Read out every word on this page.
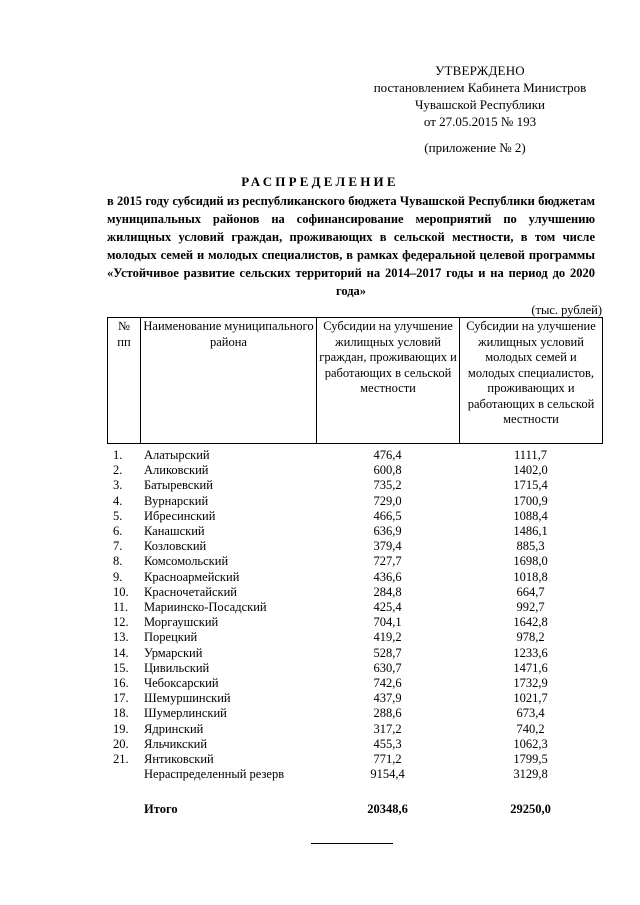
УТВЕРЖДЕНО
постановлением Кабинета Министров
Чувашской Республики
от 27.05.2015 № 193
(приложение № 2)
РАСПРЕДЕЛЕНИЕ
в 2015 году субсидий из республиканского бюджета Чувашской Республики бюджетам муниципальных районов на софинансирование мероприятий по улучшению жилищных условий граждан, проживающих в сельской местности, в том числе молодых семей и молодых специалистов, в рамках федеральной целевой программы «Устойчивое развитие сельских территорий на 2014–2017 годы и на период до 2020 года»
(тыс. рублей)
№ пп	Наименование муниципального района	Субсидии на улучшение жилищных условий граждан, проживающих и работающих в сельской местности	Субсидии на улучшение жилищных условий молодых семей и молодых специалистов, проживающих и работающих в сельской местности
1.	Алатырский	476,4	1111,7
2.	Аликовский	600,8	1402,0
3.	Батыревский	735,2	1715,4
4.	Вурнарский	729,0	1700,9
5.	Ибресинский	466,5	1088,4
6.	Канашский	636,9	1486,1
7.	Козловский	379,4	885,3
8.	Комсомольский	727,7	1698,0
9.	Красноармейский	436,6	1018,8
10.	Красночетайский	284,8	664,7
11.	Мариинско-Посадский	425,4	992,7
12.	Моргаушский	704,1	1642,8
13.	Порецкий	419,2	978,2
14.	Урмарский	528,7	1233,6
15.	Цивильский	630,7	1471,6
16.	Чебоксарский	742,6	1732,9
17.	Шемуршинский	437,9	1021,7
18.	Шумерлинский	288,6	673,4
19.	Ядринский	317,2	740,2
20.	Яльчикский	455,3	1062,3
21.	Янтиковский	771,2	1799,5
	Нераспределенный резерв	9154,4	3129,8
	Итого	20348,6	29250,0
